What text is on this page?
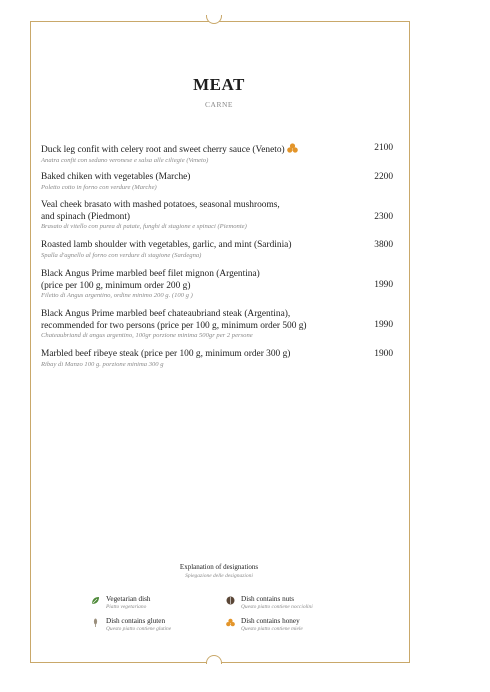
MEAT
CARNE
2100
Duck leg confit with celery root and sweet cherry sauce (Veneto)
Anatra confit con sedano veronese e salsa alle ciliegie (Veneto)
2200
Baked chiken with vegetables (Marche)
Poletto cotto in forno con verdure (Marche)
2300
Veal cheek brasato with mashed potatoes, seasonal mushrooms,
and spinach (Piedmont)
Brasato di vitello con purea di patate, funghi di stagione e spinaci (Piemonte)
3800
Roasted lamb shoulder with vegetables, garlic, and mint (Sardinia)
Spalla d'agnello al forno con verdure di stagione (Sardegna)
1990
Black Angus Prime marbled beef filet mignon (Argentina)
(price per 100 g, minimum order 200 g)
Filetto di Angus argentino, ordine minimo 200 g. (100 g )
1990
Black Angus Prime marbled beef chateaubriand steak (Argentina),
recommended for two persons (price per 100 g, minimum order 500 g)
Chateaubriand di angus argentino, 100gr porzione minima 500gr per 2 persone
1900
Marbled beef ribeye steak (price per 100 g, minimum order 300 g)
Ribay di Manzo 100 g. porzione minima 300 g
Explanation of designations
Spiegazione delle designazioni
Vegetarian dish
Piatto vegetariano
Dish contains nuts
Questo piatto contiene nocciolini
Dish contains gluten
Questo piatto contiene glutine
Dish contains honey
Questo piatto contiene miele
